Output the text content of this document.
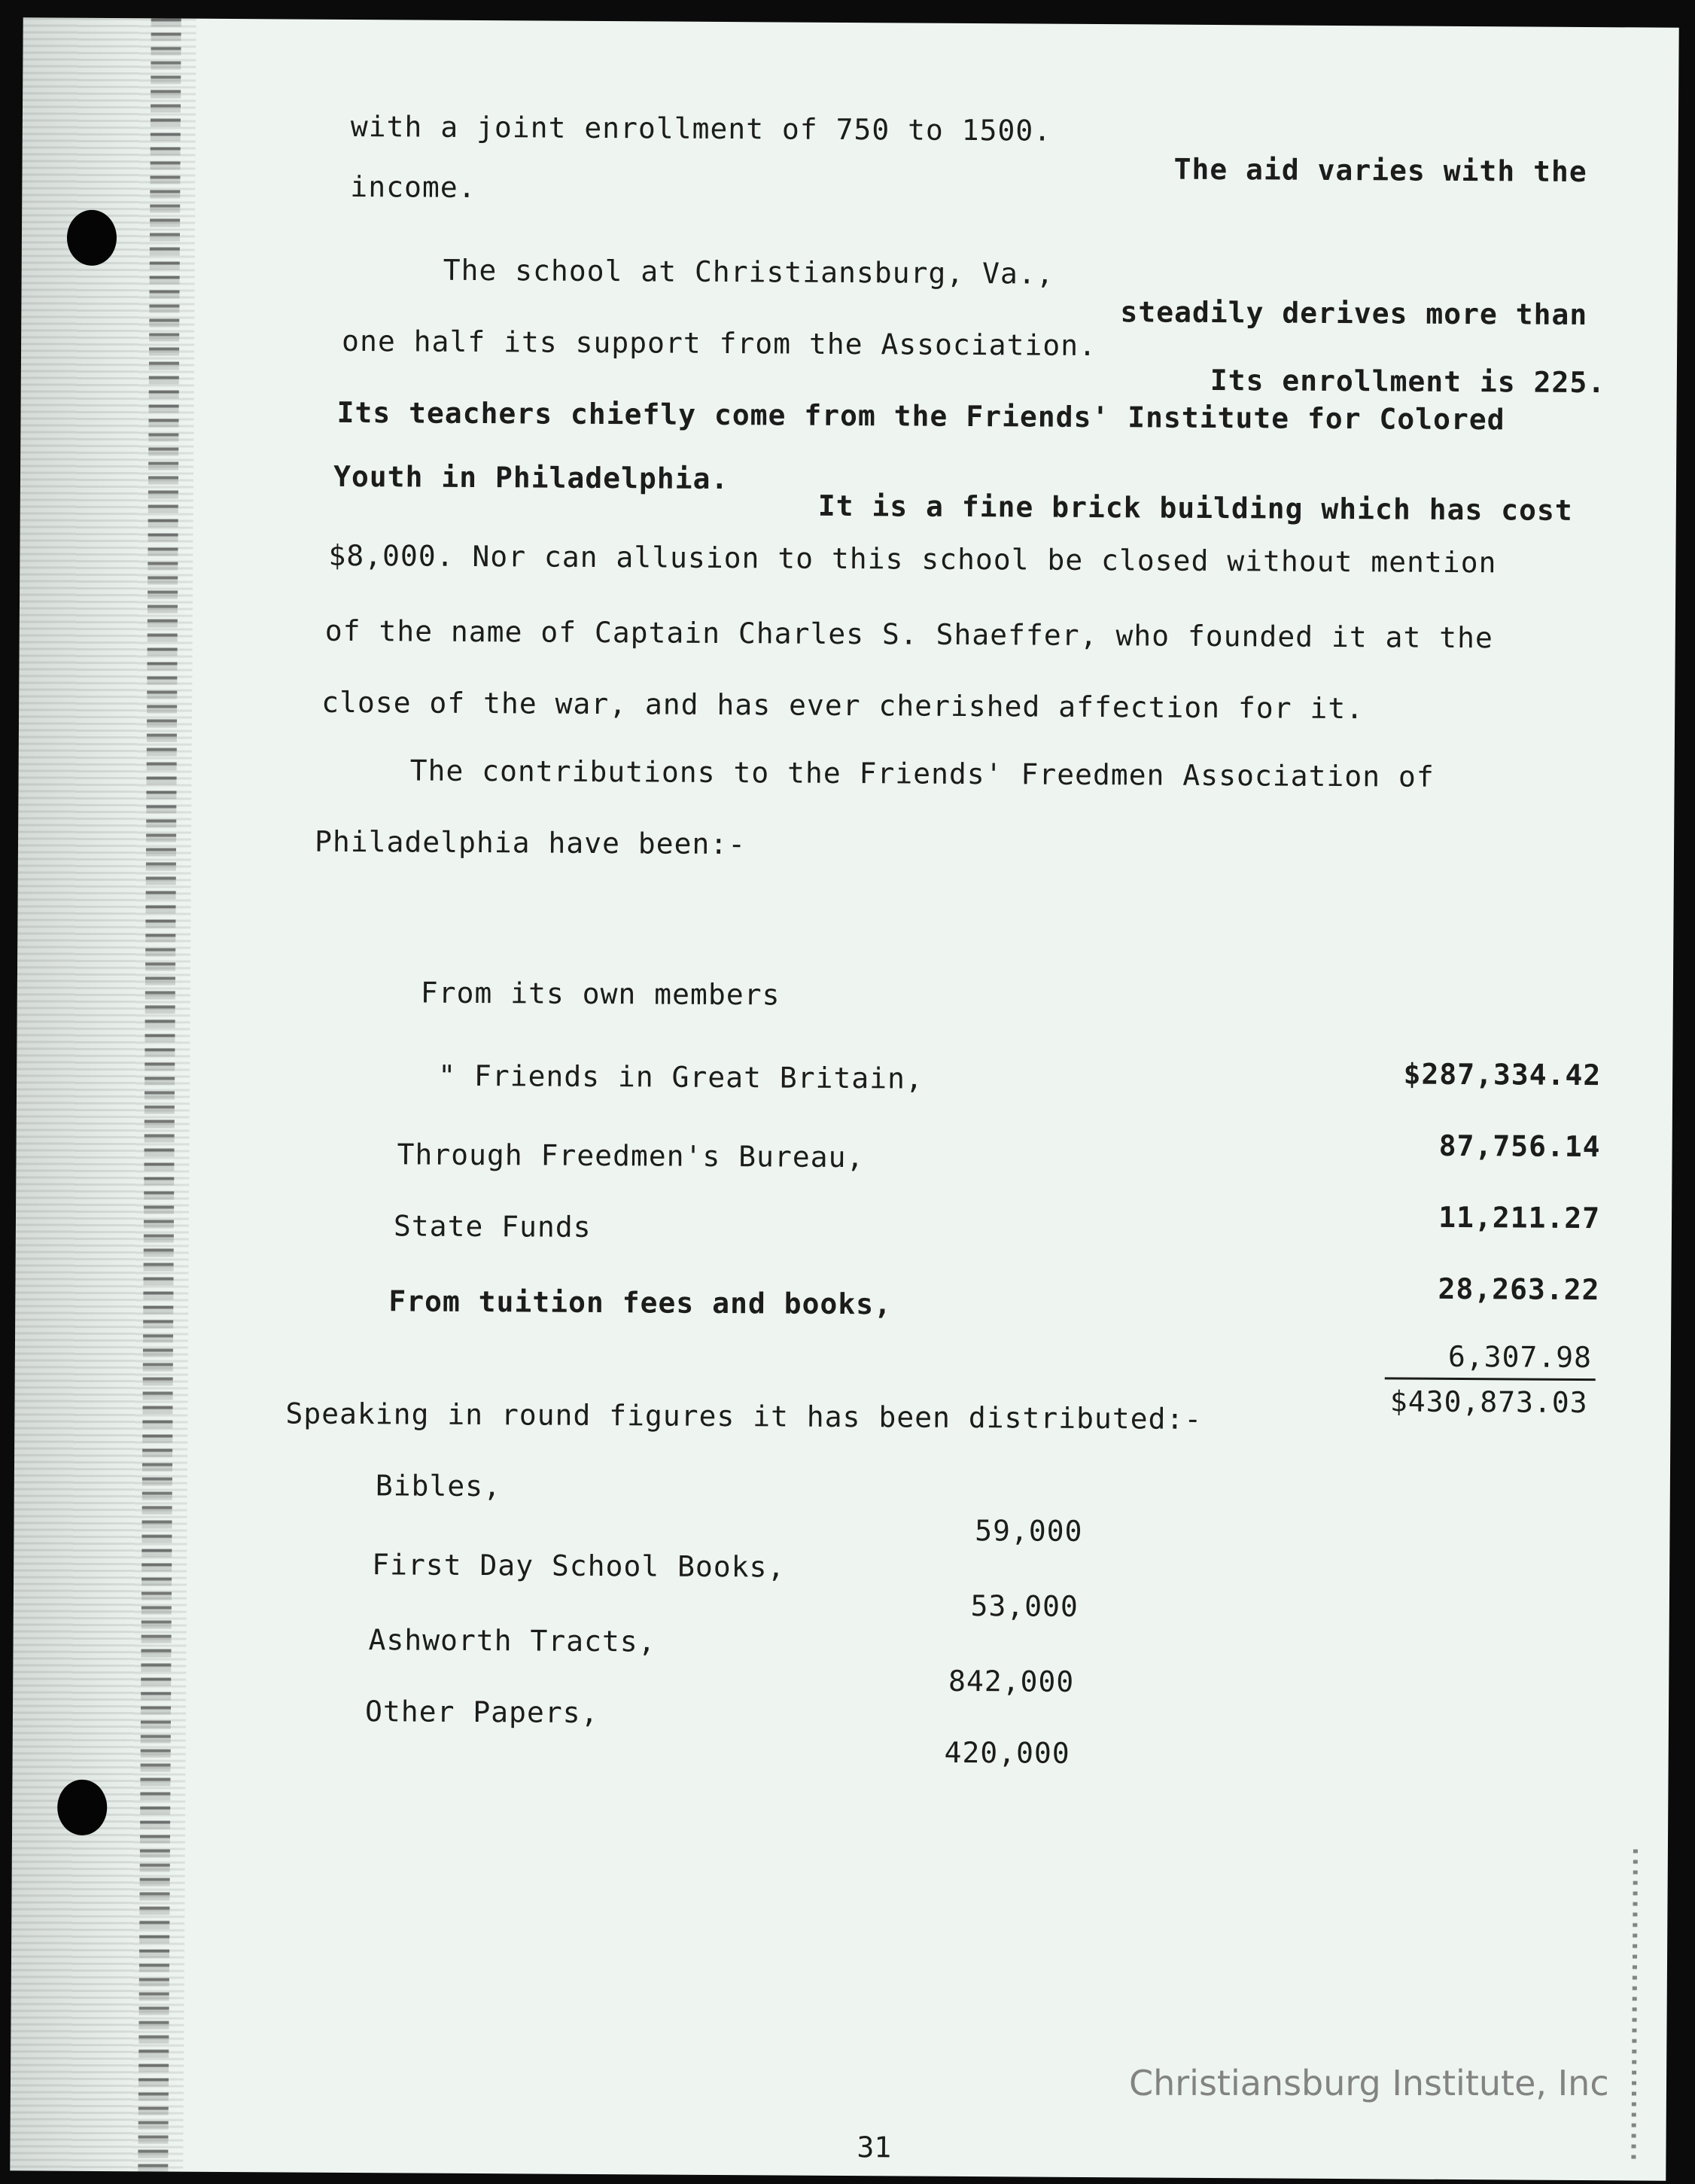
with a joint enrollment of 750 to 1500.
The aid varies with the
income.
The school at Christiansburg, Va.,
steadily derives more than
one half its support from the Association.
Its enrollment is 225.
Its teachers chiefly come from the Friends' Institute for Colored
Youth in Philadelphia.
It is a fine brick building which has cost
$8,000. Nor can allusion to this school be closed without mention
of the name of Captain Charles S. Shaeffer, who founded it at the
close of the war, and has ever cherished affection for it.
The contributions to the Friends' Freedmen Association of
Philadelphia have been:-
From its own members
$287,334.42
" Friends in Great Britain,
87,756.14
Through Freedmen's Bureau,
11,211.27
State Funds
28,263.22
From tuition fees and books,
6,307.98
$430,873.03
Speaking in round figures it has been distributed:-
Bibles,
59,000
First Day School Books,
53,000
Ashworth Tracts,
842,000
Other Papers,
420,000
31
Christiansburg Institute, Inc
